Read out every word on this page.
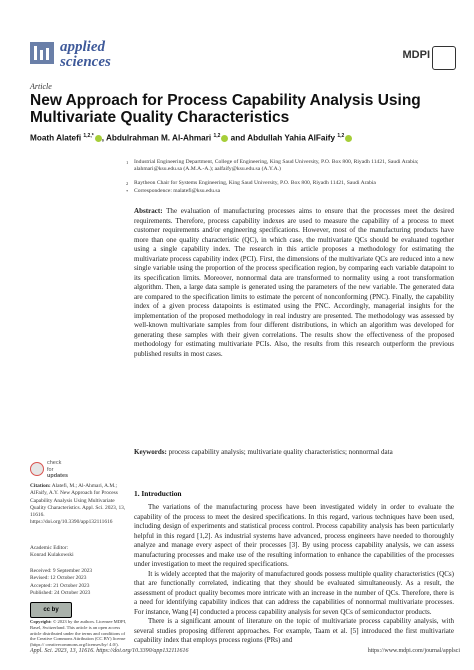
applied
sciences	MDPI
Article
New Approach for Process Capability Analysis Using Multivariate Quality Characteristics
Moath Alatefi $^{1,2,*}$ , Abdulrahman M. Al-Ahmari $^{1,2}$ and Abdullah Yahia AlFaify $^{1,2}$
1 Industrial Engineering Department, College of Engineering, King Saud University, P.O. Box 800, Riyadh 11421, Saudi Arabia; alahmari@ksu.edu.sa (A.M.A.-A.); aalfaify@ksu.edu.sa (A.Y.A.)
2 Raytheon Chair for Systems Engineering, King Saud University, P.O. Box 800, Riyadh 11421, Saudi Arabia
* Correspondence: malatefi@ksu.edu.sa
Abstract: The evaluation of manufacturing processes aims to ensure that the processes meet the desired requirements. Therefore, process capability indexes are used to measure the capability of a process to meet customer requirements and/or engineering specifications. However, most of the manufacturing products have more than one quality characteristic (QC), in which case, the multivariate QCs should be evaluated together using a single capability index. The research in this article proposes a methodology for estimating the multivariate process capability index (PCI). First, the dimensions of the multivariate QCs are reduced into a new single variable using the proportion of the process specification region, by comparing each variable datapoint to its specification limits. Moreover, nonnormal data are transformed to normality using a root transformation algorithm. Then, a large data sample is generated using the parameters of the new variable. The generated data are compared to the specification limits to estimate the percent of nonconforming (PNC). Finally, the capability index of a given process datapoints is estimated using the PNC. Accordingly, managerial insights for the implementation of the proposed methodology in real industry are presented. The methodology was assessed by well-known multivariate samples from four different distributions, in which an algorithm was developed for generating these samples with their given correlations. The results show the effectiveness of the proposed methodology for estimating multivariate PCIs. Also, the results from this research outperform the previous published results in most cases.
Keywords: process capability analysis; multivariate quality characteristics; nonnormal data
1. Introduction

The variations of the manufacturing process have been investigated widely in order to evaluate the capability of the process to meet the desired specifications. In this regard, various techniques have been used, including design of experiments and statistical process control. Process capability analysis has been particularly helpful in this regard [1,2]. As industrial systems have advanced, process engineers have needed to thoroughly analyze and manage every aspect of their processes [3]. By using process capability analysis, we can assess manufacturing processes and make use of the resulting information to enhance the capabilities of the processes under investigation to meet the required specifications.

It is widely accepted that the majority of manufactured goods possess multiple quality characteristics (QCs) that are functionally correlated, indicating that they should be evaluated simultaneously. As a result, the assessment of product quality becomes more intricate with an increase in the number of QCs. Therefore, there is a need for identifying capability indices that can address the capabilities of nonnormal multivariate processes. For instance, Wang [4] conducted a process capability analysis for seven QCs of semiconductor products.

There is a significant amount of literature on the topic of multivariate process capability analysis, with several studies proposing different approaches. For example, Taam et al. [5] introduced the first multivariate capability index that employs process regions (PRs) and

check for
updates
Citation: Alatefi, M.; Al-Ahmari, A.M.; AlFaify, A.Y. New Approach for Process Capability Analysis Using Multivariate Quality Characteristics. Appl. Sci. 2023, 13, 11616. https://doi.org/10.3390/app132111616
Academic Editor:
Konrad Kulakowski
Received: 9 September 2023
Revised: 12 October 2023
Accepted: 21 October 2023
Published: 24 October 2023
cc by
Copyright: © 2023 by the authors. Licensee MDPI, Basel, Switzerland. This article is an open access article distributed under the terms and conditions of the Creative Commons Attribution (CC BY) license (https:// creativecommons.org/licenses/by/ 4.0/).
Appl. Sci. 2023, 13, 11616. https://doi.org/10.3390/app132111616	https://www.mdpi.com/journal/applsci
